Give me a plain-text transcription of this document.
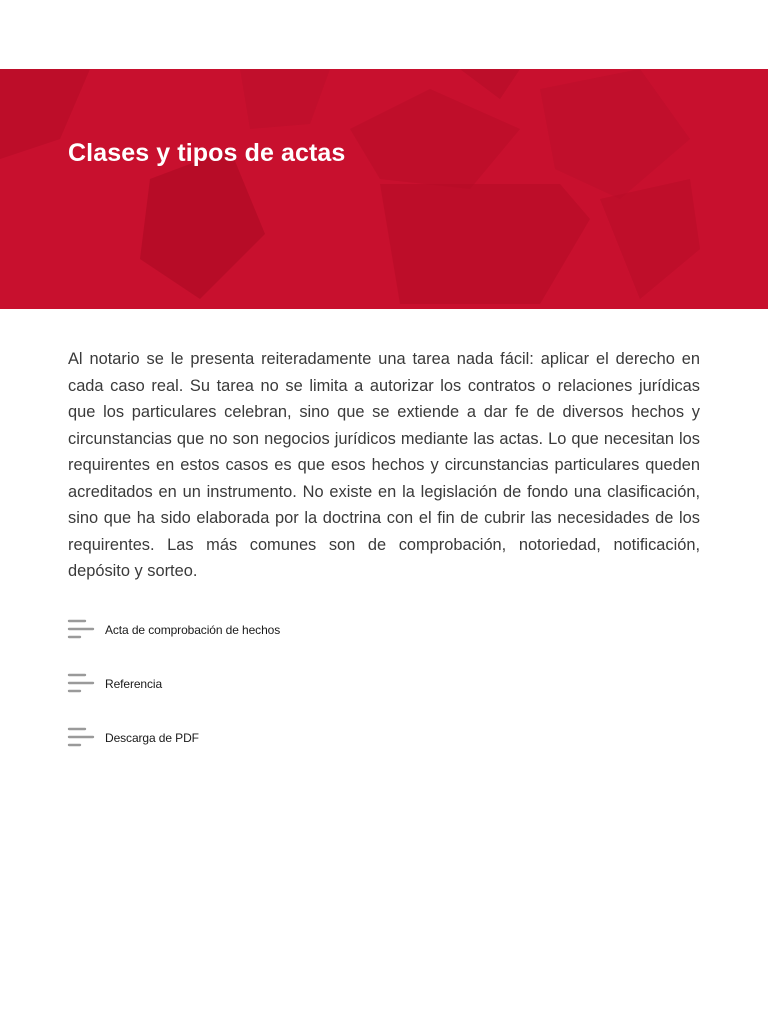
Clases y tipos de actas

Al notario se le presenta reiteradamente una tarea nada fácil: aplicar el derecho en cada caso real. Su tarea no se limita a autorizar los contratos o relaciones jurídicas que los particulares celebran, sino que se extiende a dar fe de diversos hechos y circunstancias que no son negocios jurídicos mediante las actas. Lo que necesitan los requirentes en estos casos es que esos hechos y circunstancias particulares queden acreditados en un instrumento. No existe en la legislación de fondo una clasificación, sino que ha sido elaborada por la doctrina con el fin de cubrir las necesidades de los requirentes. Las más comunes son de comprobación, notoriedad, notificación, depósito y sorteo.

Acta de comprobación de hechos
Referencia
Descarga de PDF
